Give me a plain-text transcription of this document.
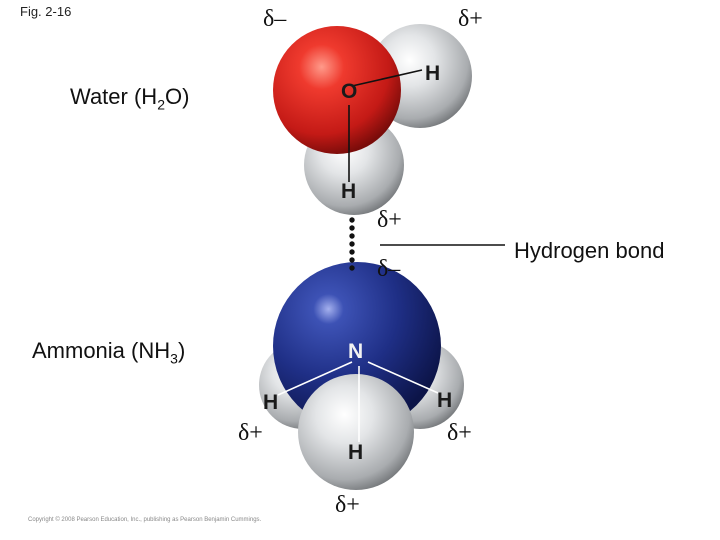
Fig. 2-16	δ–	δ+
δ+
Water $(H_2O)$
H
O
H
Hydrogen bond
δ–
Ammonia $(NH_3)$	N
H	H
H
δ+	δ+
δ+
Copyright © 2008 Pearson Education, Inc., publishing as Pearson Benjamin Cummings.
